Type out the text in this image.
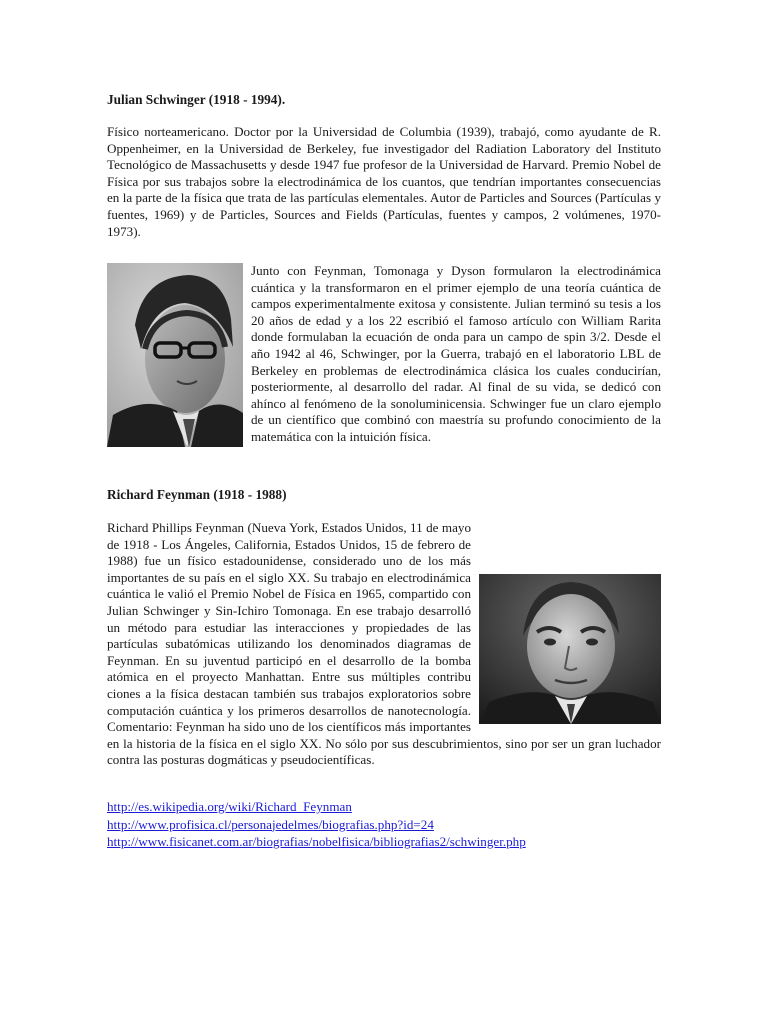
Julian Schwinger (1918 - 1994).

Físico norteamericano. Doctor por la Universidad de Columbia (1939), trabajó, como ayudante de R. Oppenheimer, en la Universidad de Berkeley, fue investigador del Radiation Laboratory del Instituto Tecnológico de Massachusetts y desde 1947 fue profesor de la Universidad de Harvard. Premio Nobel de Física por sus trabajos sobre la electrodinámica de los cuantos, que tendrían importantes consecuencias en la parte de la física que trata de las partículas elementales. Autor de Particles and Sources (Partículas y fuentes, 1969) y de Particles, Sources and Fields (Partículas, fuentes y campos, 2 volúmenes, 1970-1973).

Junto con Feynman, Tomonaga y Dyson formularon la electrodinámica cuántica y la transformaron en el primer ejemplo de una teoría cuántica de campos experimentalmente exitosa y consistente. Julian terminó su tesis a los 20 años de edad y a los 22 escribió el famoso artículo con William Rarita donde formulaban la ecuación de onda para un campo de spin 3/2. Desde el año 1942 al 46, Schwinger, por la Guerra, trabajó en el laboratorio LBL de Berkeley en problemas de electrodinámica clásica los cuales conducirían, posteriormente, al desarrollo del radar. Al final de su vida, se dedicó con ahínco al fenómeno de la sonoluminicensia. Schwinger fue un claro ejemplo de un científico que combinó con maestría su profundo conocimiento de la matemática con la intuición física.
Richard Feynman (1918 - 1988)
Richard Phillips Feynman (Nueva York, Estados Unidos, 11 de mayo de 1918 - Los Ángeles, California, Estados Unidos, 15 de febrero de 1988) fue un físico estadounidense, considerado uno de los más importantes de su país en el siglo XX. Su trabajo en electrodinámica cuántica le valió el Premio Nobel de Física en 1965, compartido con Julian Schwinger y Sin-Ichiro Tomonaga. En ese trabajo desarrolló un método para estudiar las interacciones y propiedades de las partículas subatómicas utilizando los denominados diagramas de Feynman. En su juventud participó en el desarrollo de la bomba atómica en el proyecto Manhattan. Entre sus múltiples contribu ciones a la física destacan también sus trabajos exploratorios sobre computación cuántica y los primeros desarrollos de nanotecnología. Comentario: Feynman ha sido uno de los científicos más importantes en la historia de la física en el siglo XX. No sólo por sus descubrimientos, sino por ser un gran luchador contra las posturas dogmáticas y pseudocientíficas.
http://es.wikipedia.org/wiki/Richard_Feynman
http://www.profisica.cl/personajedelmes/biografias.php?id=24
http://www.fisicanet.com.ar/biografias/nobelfisica/bibliografias2/schwinger.php
